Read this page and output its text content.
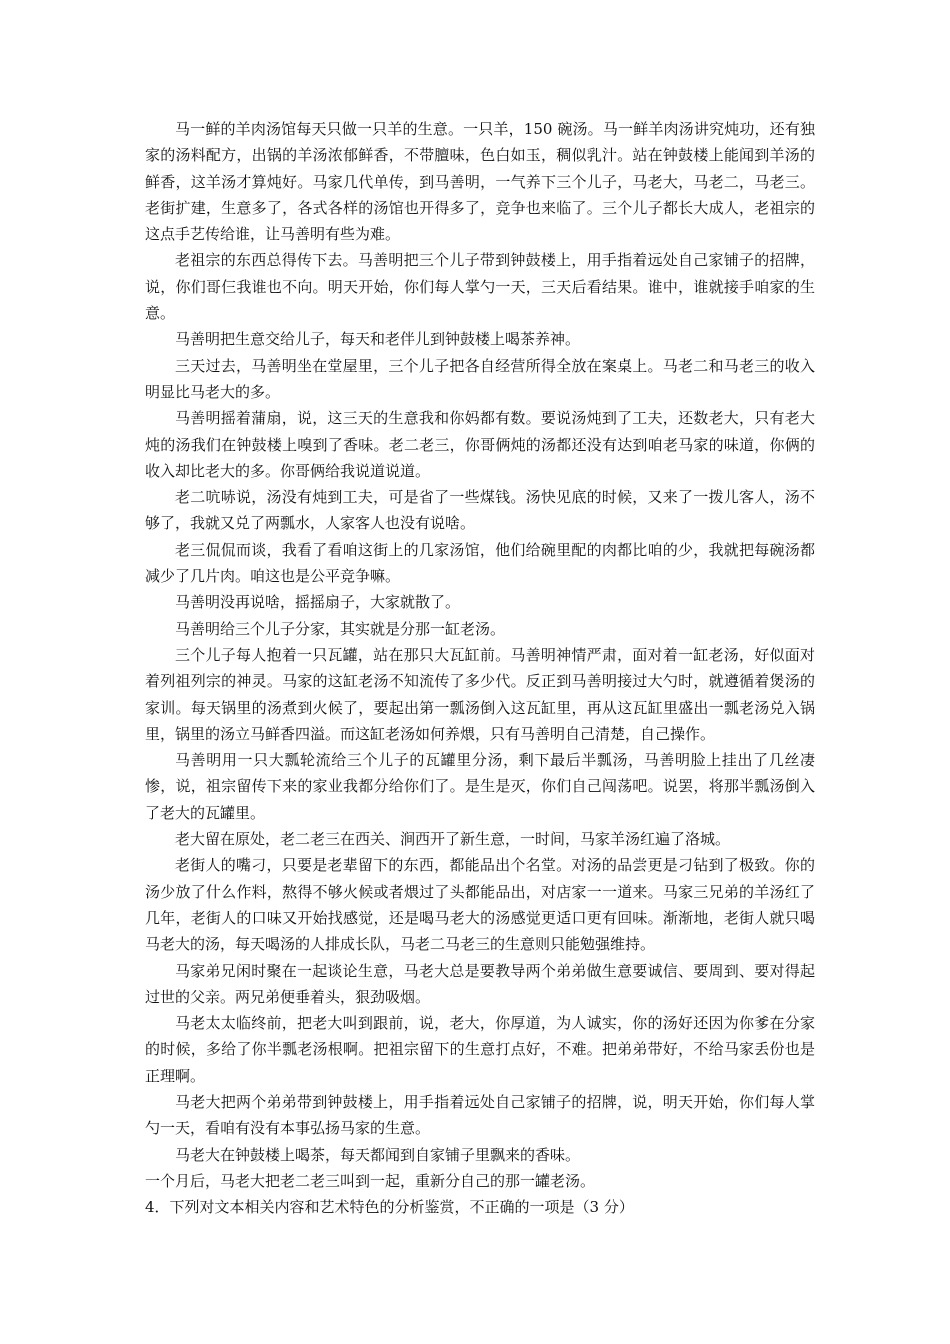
马一鲜的羊肉汤馆每天只做一只羊的生意。一只羊，150 碗汤。马一鲜羊肉汤讲究炖功，还有独家的汤料配方，出锅的羊汤浓郁鲜香，不带膻味，色白如玉，稠似乳汁。站在钟鼓楼上能闻到羊汤的鲜香，这羊汤才算炖好。马家几代单传，到马善明，一气养下三个儿子，马老大，马老二，马老三。老街扩建，生意多了，各式各样的汤馆也开得多了，竞争也来临了。三个儿子都长大成人，老祖宗的这点手艺传给谁，让马善明有些为难。

老祖宗的东西总得传下去。马善明把三个儿子带到钟鼓楼上，用手指着远处自己家铺子的招牌，说，你们哥仨我谁也不向。明天开始，你们每人掌勺一天，三天后看结果。谁中，谁就接手咱家的生意。

马善明把生意交给儿子，每天和老伴儿到钟鼓楼上喝茶养神。

三天过去，马善明坐在堂屋里，三个儿子把各自经营所得全放在案桌上。马老二和马老三的收入明显比马老大的多。

马善明摇着蒲扇，说，这三天的生意我和你妈都有数。要说汤炖到了工夫，还数老大，只有老大炖的汤我们在钟鼓楼上嗅到了香味。老二老三，你哥俩炖的汤都还没有达到咱老马家的味道，你俩的收入却比老大的多。你哥俩给我说道说道。

老二吭哧说，汤没有炖到工夫，可是省了一些煤钱。汤快见底的时候，又来了一拨儿客人，汤不够了，我就又兑了两瓢水，人家客人也没有说啥。

老三侃侃而谈，我看了看咱这街上的几家汤馆，他们给碗里配的肉都比咱的少，我就把每碗汤都减少了几片肉。咱这也是公平竞争嘛。

马善明没再说啥，摇摇扇子，大家就散了。

马善明给三个儿子分家，其实就是分那一缸老汤。

三个儿子每人抱着一只瓦罐，站在那只大瓦缸前。马善明神情严肃，面对着一缸老汤，好似面对着列祖列宗的神灵。马家的这缸老汤不知流传了多少代。反正到马善明接过大勺时，就遵循着煲汤的家训。每天锅里的汤煮到火候了，要起出第一瓢汤倒入这瓦缸里，再从这瓦缸里盛出一瓢老汤兑入锅里，锅里的汤立马鲜香四溢。而这缸老汤如何养煨，只有马善明自己清楚，自己操作。

马善明用一只大瓢轮流给三个儿子的瓦罐里分汤，剩下最后半瓢汤，马善明脸上挂出了几丝凄惨，说，祖宗留传下来的家业我都分给你们了。是生是灭，你们自己闯荡吧。说罢，将那半瓢汤倒入了老大的瓦罐里。

老大留在原处，老二老三在西关、涧西开了新生意，一时间，马家羊汤红遍了洛城。

老街人的嘴刁，只要是老辈留下的东西，都能品出个名堂。对汤的品尝更是刁钻到了极致。你的汤少放了什么作料，熬得不够火候或者煨过了头都能品出，对店家一一道来。马家三兄弟的羊汤红了几年，老街人的口味又开始找感觉，还是喝马老大的汤感觉更适口更有回味。渐渐地，老街人就只喝马老大的汤，每天喝汤的人排成长队，马老二马老三的生意则只能勉强维持。

马家弟兄闲时聚在一起谈论生意，马老大总是要教导两个弟弟做生意要诚信、要周到、要对得起过世的父亲。两兄弟便垂着头，狠劲吸烟。

马老太太临终前，把老大叫到跟前，说，老大，你厚道，为人诚实，你的汤好还因为你爹在分家的时候，多给了你半瓢老汤根啊。把祖宗留下的生意打点好，不难。把弟弟带好，不给马家丢份也是正理啊。

马老大把两个弟弟带到钟鼓楼上，用手指着远处自己家铺子的招牌，说，明天开始，你们每人掌勺一天，看咱有没有本事弘扬马家的生意。

马老大在钟鼓楼上喝茶，每天都闻到自家铺子里飘来的香味。

一个月后，马老大把老二老三叫到一起，重新分自己的那一罐老汤。

4．下列对文本相关内容和艺术特色的分析鉴赏，不正确的一项是（3 分）
